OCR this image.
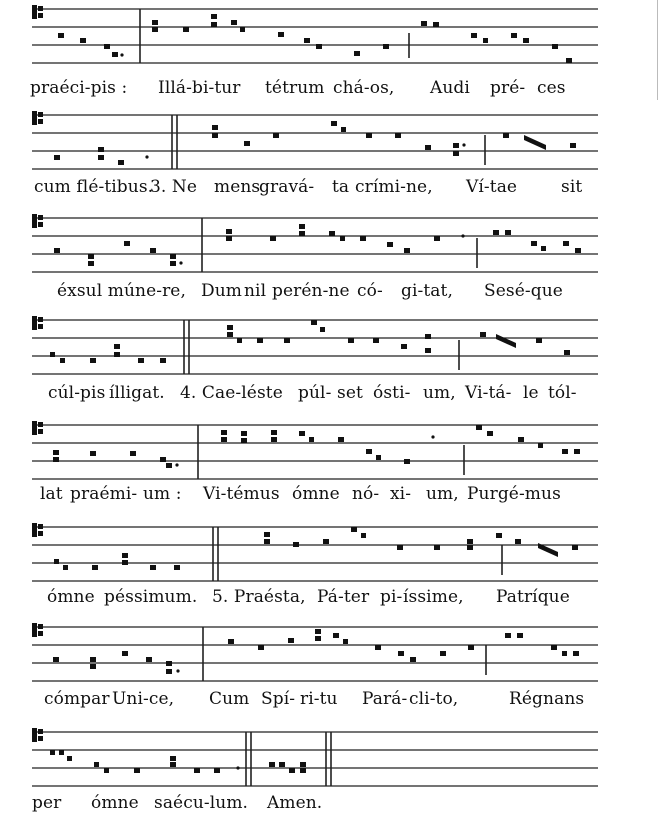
praéci-pis : Illá-bi-tur tétrum chá-os, Audi pré- ces
cum flé-tibus.
3. Ne mens
gravá- ta crími-ne, Ví-tae	sit
éxsul múne-re, Dum nil perén-ne có- gi-tat, Sesé-que
cúl-pis ílligat. 4. Cae-léste púl- set ósti- um, Vi-tá- le tól-
lat praémi- um : Vi-témus ómne nó- xi- um, Purgé-mus
ómne péssimum. 5. Praésta, Pá-ter pi- íssime, Patríque
cómpar Uni-ce, Cum Spí- ri-tu Pará- cli-to,	Régnans
per ómne saécu-lum. Amen.
